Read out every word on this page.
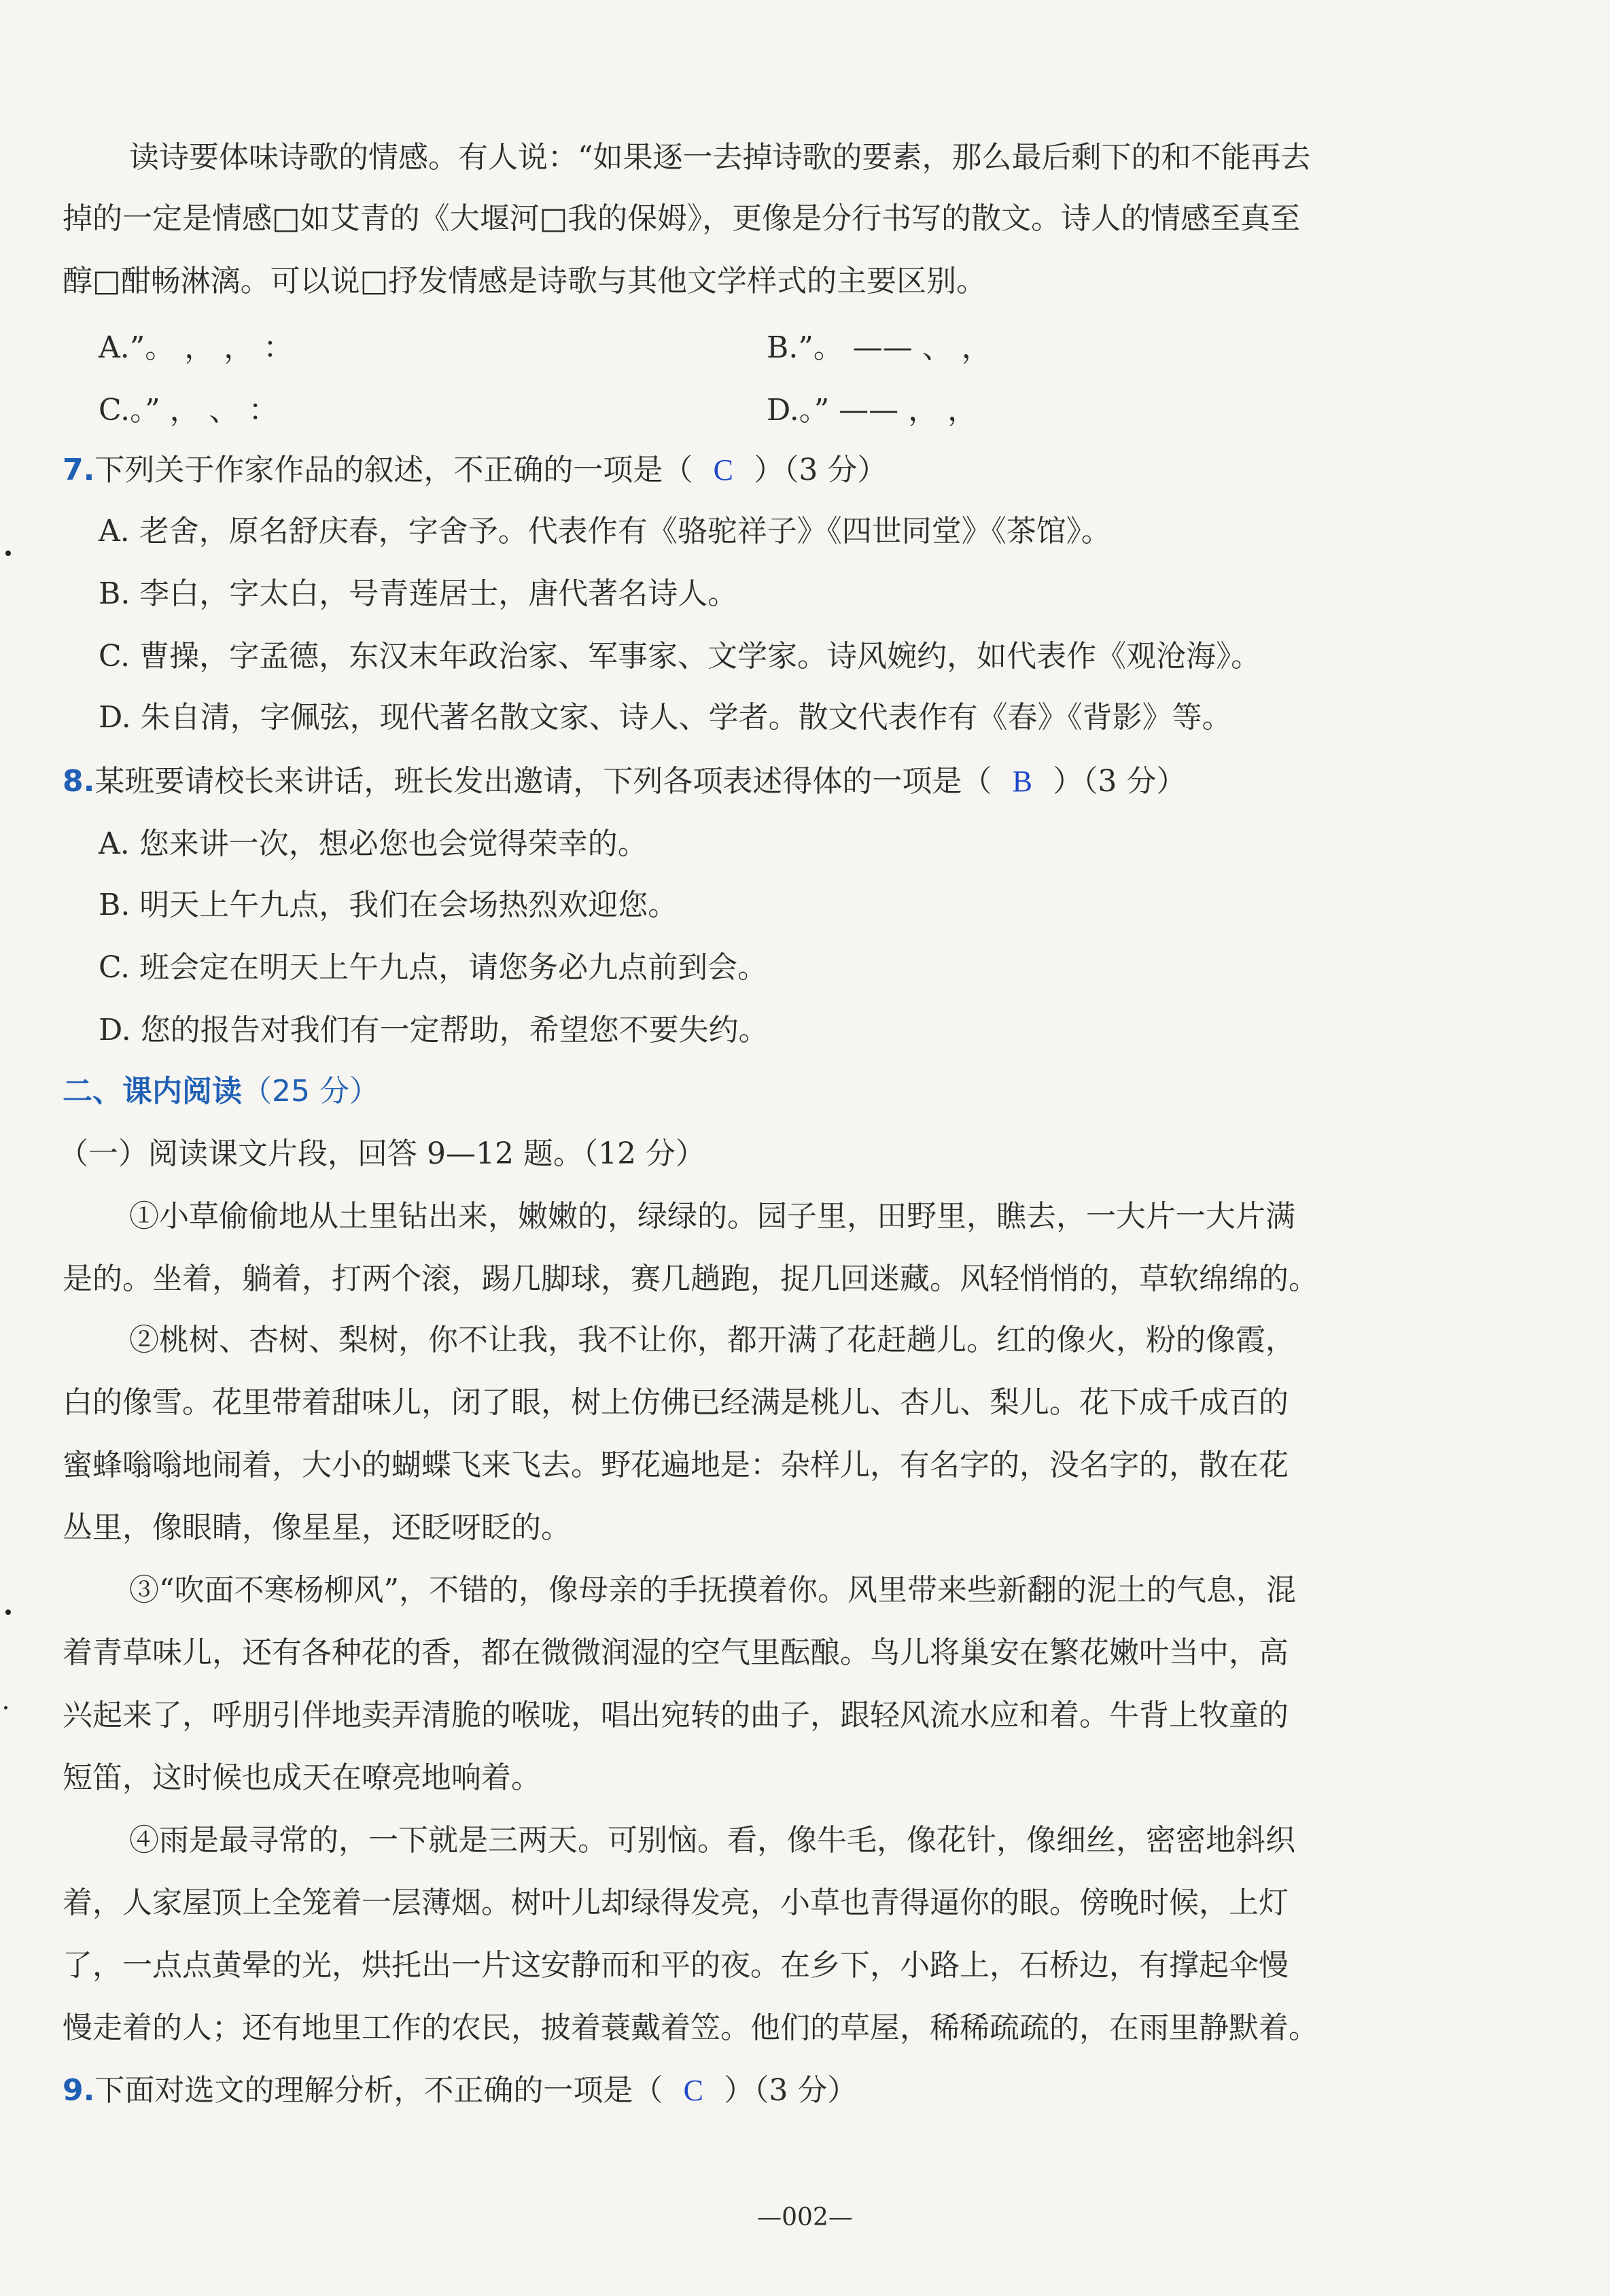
读诗要体味诗歌的情感。有人说：“如果逐一去掉诗歌的要素，那么最后剩下的和不能再去
掉的一定是情感□如艾青的《大堰河□我的保姆》，更像是分行书写的散文。诗人的情感至真至
醇□酣畅淋漓。可以说□抒发情感是诗歌与其他文学样式的主要区别。
A.”。 ， ， ：	B.”。 —— 、 ，
C.。” ， 、 ：	D.。” —— ， ，
7.下列关于作家作品的叙述，不正确的一项是（ C ）（3 分）
A. 老舍，原名舒庆春，字舍予。代表作有《骆驼祥子》《四世同堂》《茶馆》。
B. 李白，字太白，号青莲居士，唐代著名诗人。
C. 曹操，字孟德，东汉末年政治家、军事家、文学家。诗风婉约，如代表作《观沧海》。
D. 朱自清，字佩弦，现代著名散文家、诗人、学者。散文代表作有《春》《背影》等。
8.某班要请校长来讲话，班长发出邀请，下列各项表述得体的一项是（ B ）（3 分）
A. 您来讲一次，想必您也会觉得荣幸的。
B. 明天上午九点，我们在会场热烈欢迎您。
C. 班会定在明天上午九点，请您务必九点前到会。
D. 您的报告对我们有一定帮助，希望您不要失约。
二、课内阅读（25 分）
（一）阅读课文片段，回答 9—12 题。（12 分）
①小草偷偷地从土里钻出来，嫩嫩的，绿绿的。园子里，田野里，瞧去，一大片一大片满
是的。坐着，躺着，打两个滚，踢几脚球，赛几趟跑，捉几回迷藏。风轻悄悄的，草软绵绵的。
②桃树、杏树、梨树，你不让我，我不让你，都开满了花赶趟儿。红的像火，粉的像霞，
白的像雪。花里带着甜味儿，闭了眼，树上仿佛已经满是桃儿、杏儿、梨儿。花下成千成百的
蜜蜂嗡嗡地闹着，大小的蝴蝶飞来飞去。野花遍地是：杂样儿，有名字的，没名字的，散在花
丛里，像眼睛，像星星，还眨呀眨的。
③“吹面不寒杨柳风”，不错的，像母亲的手抚摸着你。风里带来些新翻的泥土的气息，混
着青草味儿，还有各种花的香，都在微微润湿的空气里酝酿。鸟儿将巢安在繁花嫩叶当中，高
兴起来了，呼朋引伴地卖弄清脆的喉咙，唱出宛转的曲子，跟轻风流水应和着。牛背上牧童的
短笛，这时候也成天在嘹亮地响着。
④雨是最寻常的，一下就是三两天。可别恼。看，像牛毛，像花针，像细丝，密密地斜织
着，人家屋顶上全笼着一层薄烟。树叶儿却绿得发亮，小草也青得逼你的眼。傍晚时候，上灯
了，一点点黄晕的光，烘托出一片这安静而和平的夜。在乡下，小路上，石桥边，有撑起伞慢
慢走着的人；还有地里工作的农民，披着蓑戴着笠。他们的草屋，稀稀疏疏的，在雨里静默着。
9.下面对选文的理解分析，不正确的一项是（ C ）（3 分）
—002—
